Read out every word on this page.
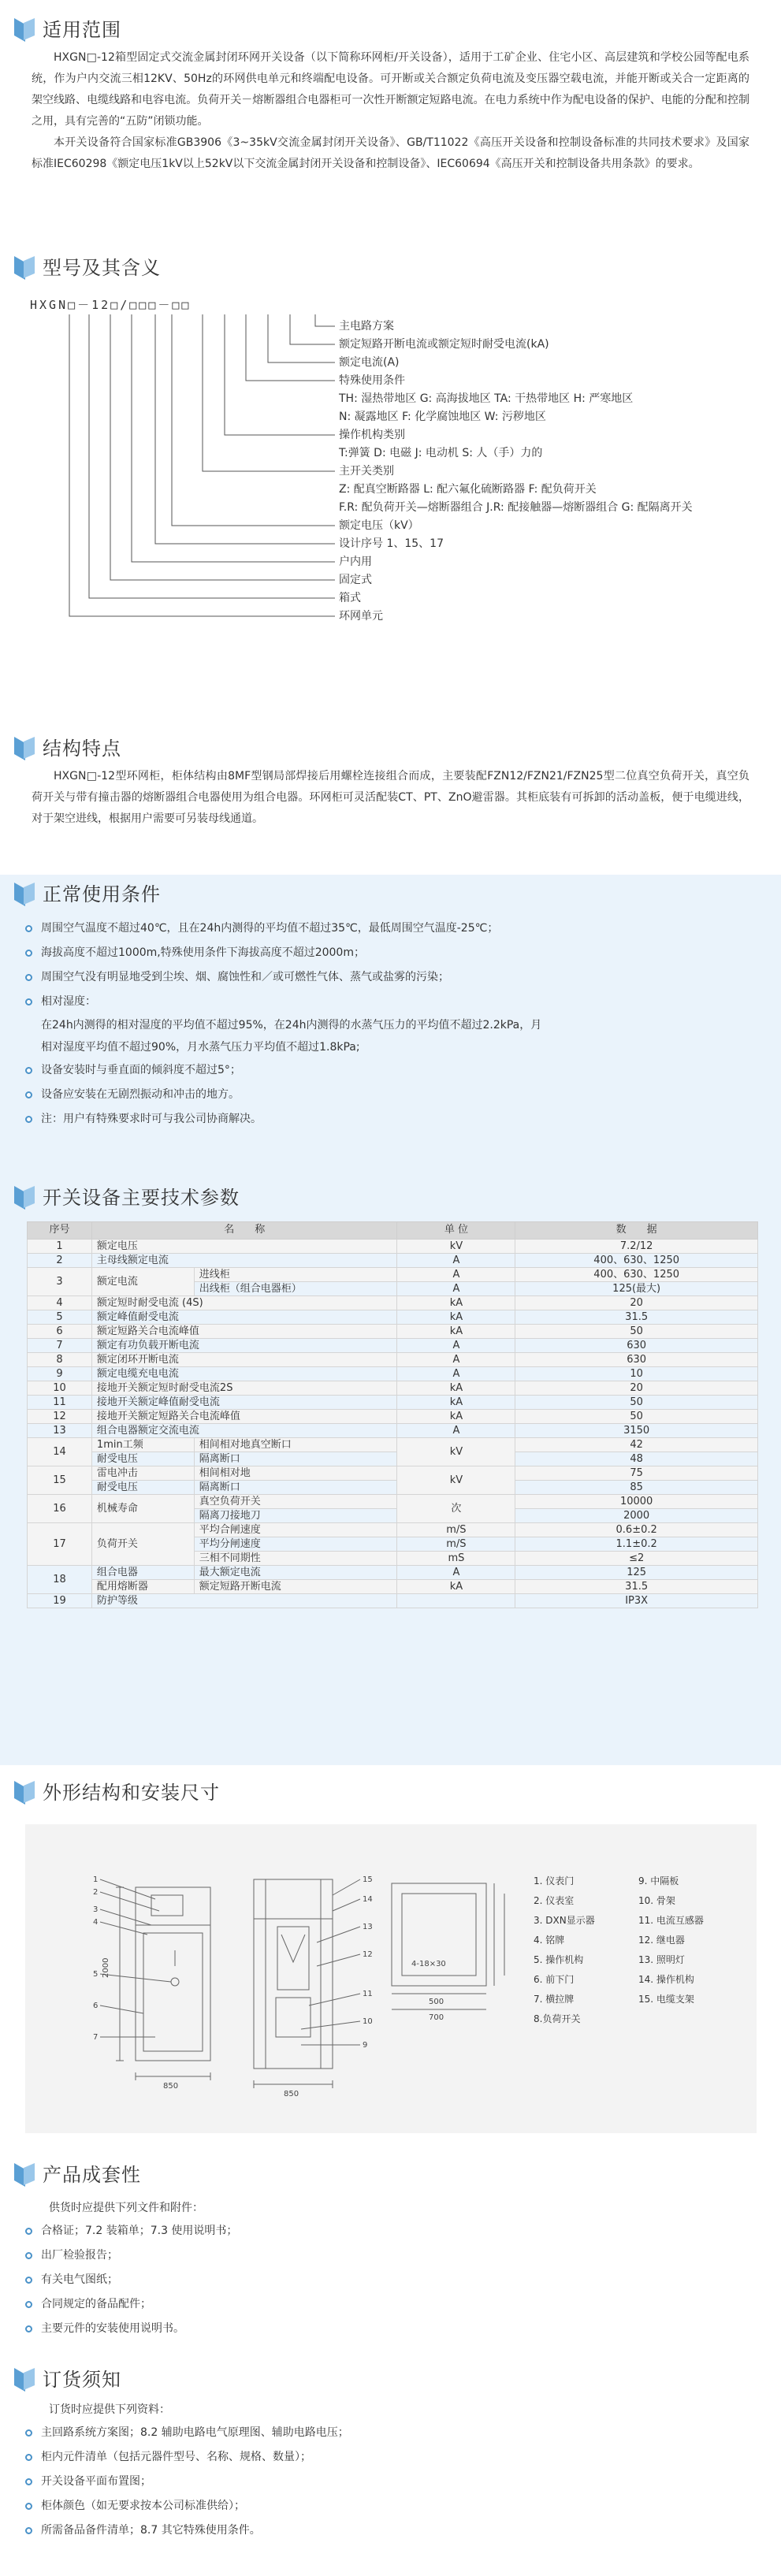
适用范围

HXGN□-12箱型固定式交流金属封闭环网开关设备（以下简称环网柜/开关设备），适用于工矿企业、住宅小区、高层建筑和学校公园等配电系统，作为户内交流三相12KV、50Hz的环网供电单元和终端配电设备。可开断或关合额定负荷电流及变压器空载电流，并能开断或关合一定距离的架空线路、电缆线路和电容电流。负荷开关－熔断器组合电器柜可一次性开断额定短路电流。在电力系统中作为配电设备的保护、电能的分配和控制之用，具有完善的“五防”闭锁功能。

本开关设备符合国家标准GB3906《3~35kV交流金属封闭开关设备》、GB/T11022《高压开关设备和控制设备标准的共同技术要求》及国家标准IEC60298《额定电压1kV以上52kV以下交流金属封闭开关设备和控制设备》、IEC60694《高压开关和控制设备共用条款》的要求。

型号及其含义
HXGN□－12□/□□□－□□
主电路方案
额定短路开断电流或额定短时耐受电流(kA)
额定电流(A)
特殊使用条件
TH: 湿热带地区 G: 高海拔地区 TA: 干热带地区 H: 严寒地区
N: 凝露地区 F: 化学腐蚀地区 W: 污秽地区
操作机构类别
T:弹簧 D: 电磁 J: 电动机 S: 人（手）力的
主开关类别
Z: 配真空断路器 L: 配六氟化硫断路器 F: 配负荷开关
F.R: 配负荷开关—熔断器组合 J.R: 配接触器—熔断器组合 G: 配隔离开关
额定电压（kV）
设计序号 1、15、17
户内用
固定式
箱式
环网单元
结构特点

HXGN□-12型环网柜，柜体结构由8MF型钢局部焊接后用螺栓连接组合而成，主要装配FZN12/FZN21/FZN25型二位真空负荷开关，真空负荷开关与带有撞击器的熔断器组合电器使用为组合电器。环网柜可灵活配装CT、PT、ZnO避雷器。其柜底装有可拆卸的活动盖板，便于电缆进线，对于架空进线，根据用户需要可另装母线通道。

正常使用条件
周围空气温度不超过40℃，且在24h内测得的平均值不超过35℃，最低周围空气温度-25℃；
海拔高度不超过1000m,特殊使用条件下海拔高度不超过2000m；
周围空气没有明显地受到尘埃、烟、腐蚀性和／或可燃性气体、蒸气或盐雾的污染；
相对湿度：
在24h内测得的相对湿度的平均值不超过95%，在24h内测得的水蒸气压力的平均值不超过2.2kPa，月
相对湿度平均值不超过90%，月水蒸气压力平均值不超过1.8kPa;
设备安装时与垂直面的倾斜度不超过5°；
设备应安装在无剧烈振动和冲击的地方。
注：用户有特殊要求时可与我公司协商解决。
开关设备主要技术参数
序号	名　　称		单 位	数　　据
1	额定电压		kV	7.2/12
2	主母线额定电流		A	400、630、1250
3	额定电流	进线柜	A	400、630、1250
		出线柜（组合电器柜）	A	125(最大)
4	额定短时耐受电流 (4S)		kA	20
5	额定峰值耐受电流		kA	31.5
6	额定短路关合电流峰值		kA	50
7	额定有功负载开断电流		A	630
8	额定闭环开断电流		A	630
9	额定电缆充电电流		A	10
10	接地开关额定短时耐受电流2S		kA	20
11	接地开关额定峰值耐受电流		kA	50
12	接地开关额定短路关合电流峰值		kA	50
13	组合电器额定交流电流		A	3150
14	1min工频	相间相对地真空断口	kV	42
	耐受电压	隔离断口		48
15	雷电冲击	相间相对地	kV	75
	耐受电压	隔离断口		85
16	机械寿命	真空负荷开关	次	10000
		隔离刀接地刀		2000
17	负荷开关	平均合闸速度	m/S	0.6±0.2
		平均分闸速度	m/S	1.1±0.2
		三相不同期性	mS	≤2
18	组合电器	最大额定电流	A	125
	配用熔断器	额定短路开断电流	kA	31.5
19	防护等级			IP3X
外形结构和安装尺寸
2000
850
850
500
700
4-18×30
1
2
3
4
5
6
7
15
14
13
12
11
10
9
1. 仪表门
2. 仪表室
3. DXN显示器
4. 铭牌
5. 操作机构
6. 前下门
7. 横拉牌
8.负荷开关
9. 中隔板
10. 骨架
11. 电流互感器
12. 继电器
13. 照明灯
14. 操作机构
15. 电缆支架
产品成套性
供货时应提供下列文件和附件：
合格证；7.2 装箱单；7.3 使用说明书；
出厂检验报告；
有关电气图纸；
合同规定的备品配件；
主要元件的安装使用说明书。
订货须知
订货时应提供下列资料：
主回路系统方案图；8.2 辅助电路电气原理图、辅助电路电压；
柜内元件清单（包括元器件型号、名称、规格、数量）；
开关设备平面布置图；
柜体颜色（如无要求按本公司标准供给）；
所需备品备件清单；8.7 其它特殊使用条件。
